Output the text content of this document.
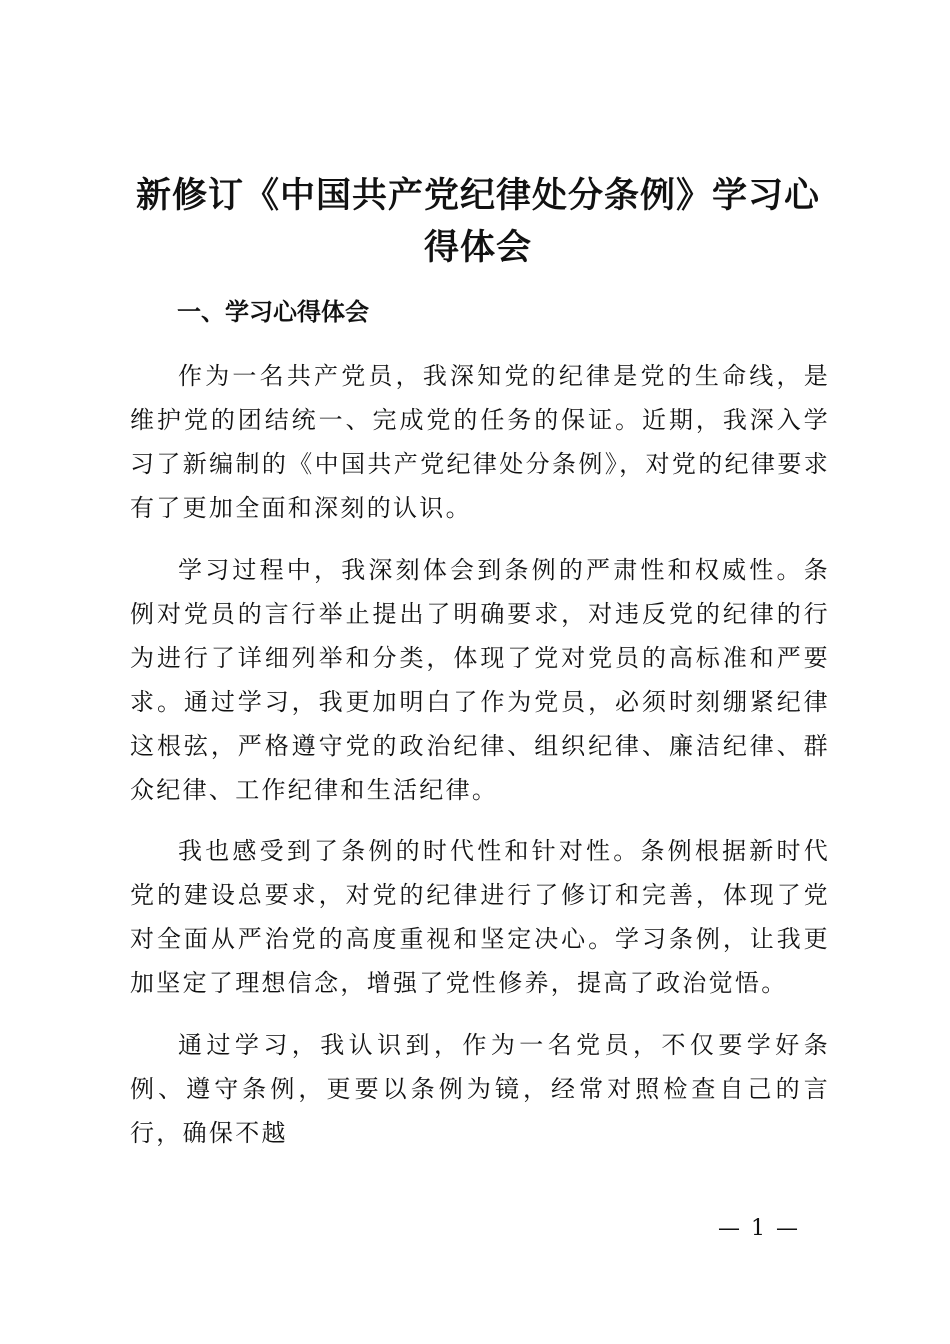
新修订《中国共产党纪律处分条例》学习心得体会
一、学习心得体会

作为一名共产党员，我深知党的纪律是党的生命线，是维护党的团结统一、完成党的任务的保证。近期，我深入学习了新编制的《中国共产党纪律处分条例》，对党的纪律要求有了更加全面和深刻的认识。

学习过程中，我深刻体会到条例的严肃性和权威性。条例对党员的言行举止提出了明确要求，对违反党的纪律的行为进行了详细列举和分类，体现了党对党员的高标准和严要求。通过学习，我更加明白了作为党员，必须时刻绷紧纪律这根弦，严格遵守党的政治纪律、组织纪律、廉洁纪律、群众纪律、工作纪律和生活纪律。

我也感受到了条例的时代性和针对性。条例根据新时代党的建设总要求，对党的纪律进行了修订和完善，体现了党对全面从严治党的高度重视和坚定决心。学习条例，让我更加坚定了理想信念，增强了党性修养，提高了政治觉悟。

通过学习，我认识到，作为一名党员，不仅要学好条例、遵守条例，更要以条例为镜，经常对照检查自己的言行，确保不越

— 1 —
